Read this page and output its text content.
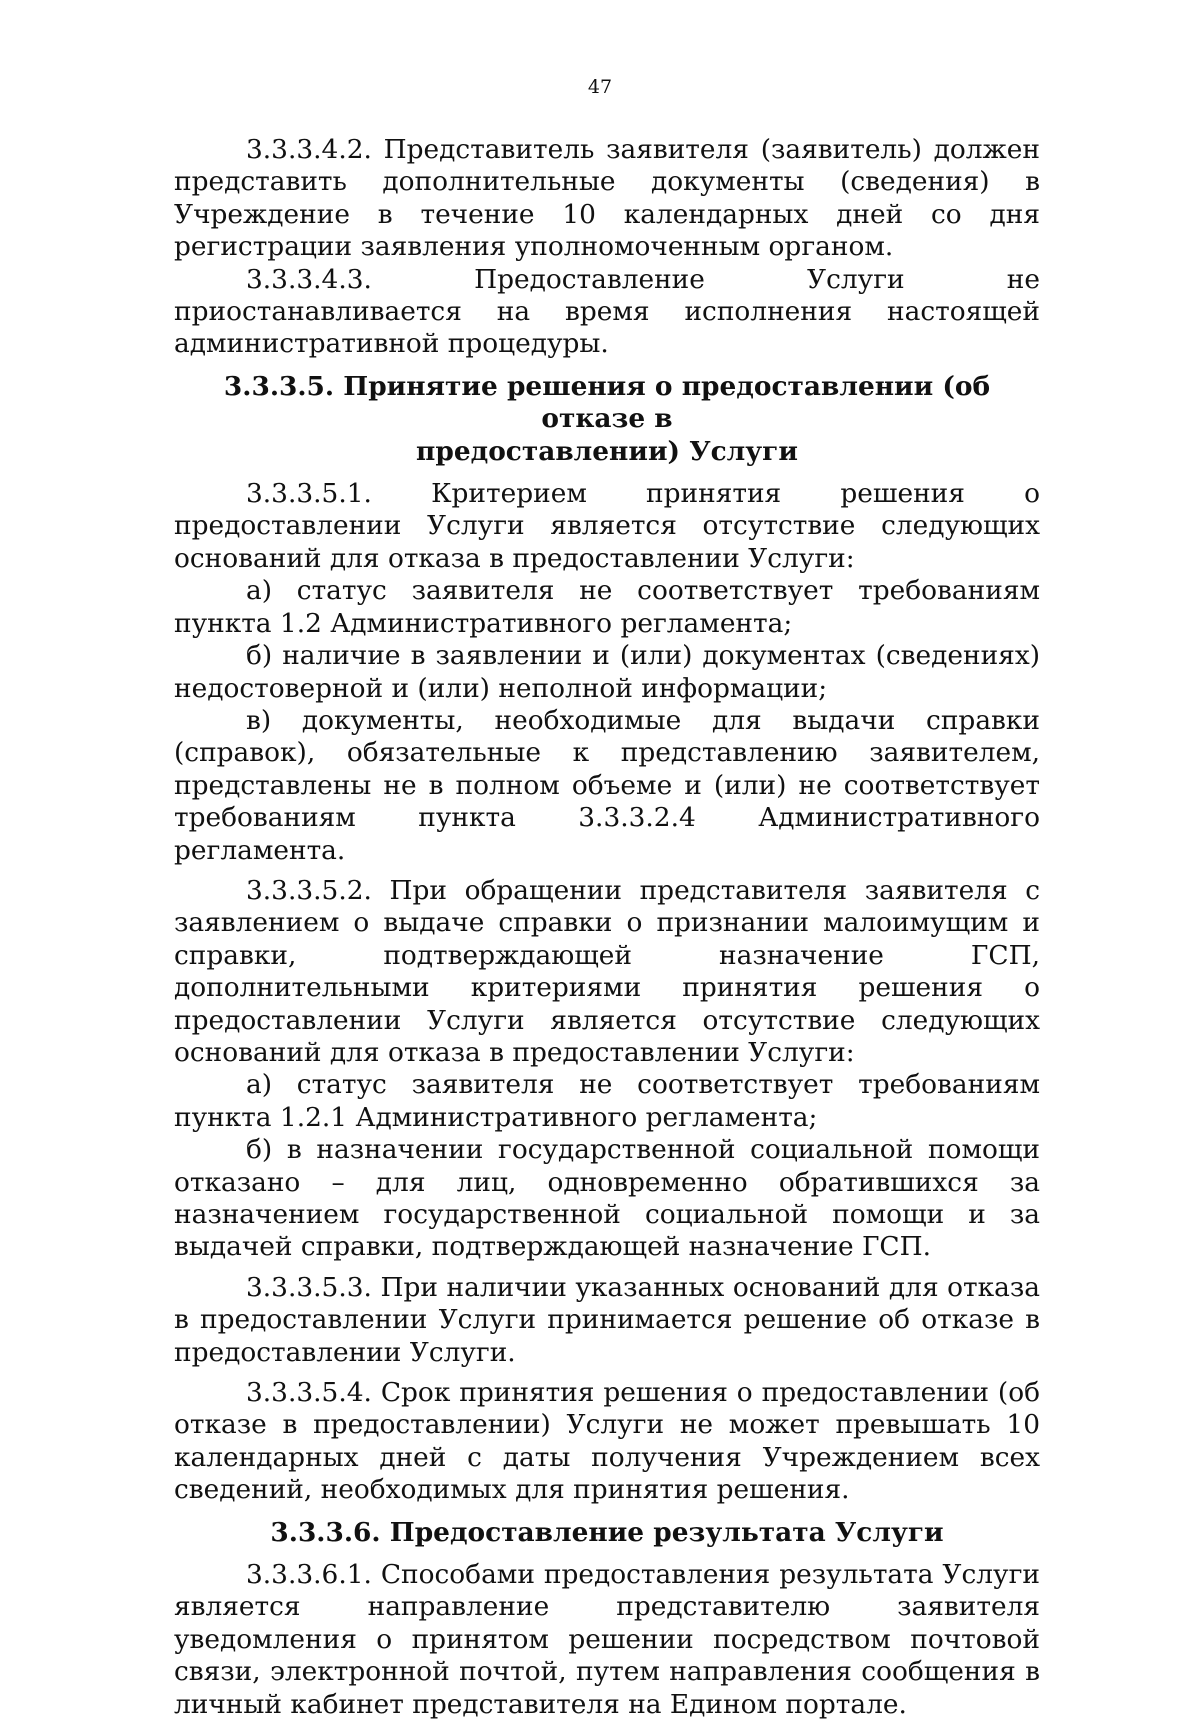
47

3.3.3.4.2. Представитель заявителя (заявитель) должен представить дополнительные документы (сведения) в Учреждение в течение 10 календарных дней со дня регистрации заявления уполномоченным органом.

3.3.3.4.3. Предоставление Услуги не приостанавливается на время исполнения настоящей административной процедуры.

3.3.3.5. Принятие решения о предоставлении (об отказе в
предоставлении) Услуги

3.3.3.5.1. Критерием принятия решения о предоставлении Услуги является отсутствие следующих оснований для отказа в предоставлении Услуги:

а) статус заявителя не соответствует требованиям пункта 1.2 Административного регламента;

б) наличие в заявлении и (или) документах (сведениях) недостоверной и (или) неполной информации;

в) документы, необходимые для выдачи справки (справок), обязательные к представлению заявителем, представлены не в полном объеме и (или) не соответствует требованиям пункта 3.3.3.2.4 Административного регламента.

3.3.3.5.2. При обращении представителя заявителя с заявлением о выдаче справки о признании малоимущим и справки, подтверждающей назначение ГСП, дополнительными критериями принятия решения о предоставлении Услуги является отсутствие следующих оснований для отказа в предоставлении Услуги:

а) статус заявителя не соответствует требованиям пункта 1.2.1 Административного регламента;

б) в назначении государственной социальной помощи отказано – для лиц, одновременно обратившихся за назначением государственной социальной помощи и за выдачей справки, подтверждающей назначение ГСП.

3.3.3.5.3. При наличии указанных оснований для отказа в предоставлении Услуги принимается решение об отказе в предоставлении Услуги.

3.3.3.5.4. Срок принятия решения о предоставлении (об отказе в предоставлении) Услуги не может превышать 10 календарных дней с даты получения Учреждением всех сведений, необходимых для принятия решения.

3.3.3.6. Предоставление результата Услуги

3.3.3.6.1. Способами предоставления результата Услуги является направление представителю заявителя уведомления о принятом решении посредством почтовой связи, электронной почтой, путем направления сообщения в личный кабинет представителя на Едином портале.
